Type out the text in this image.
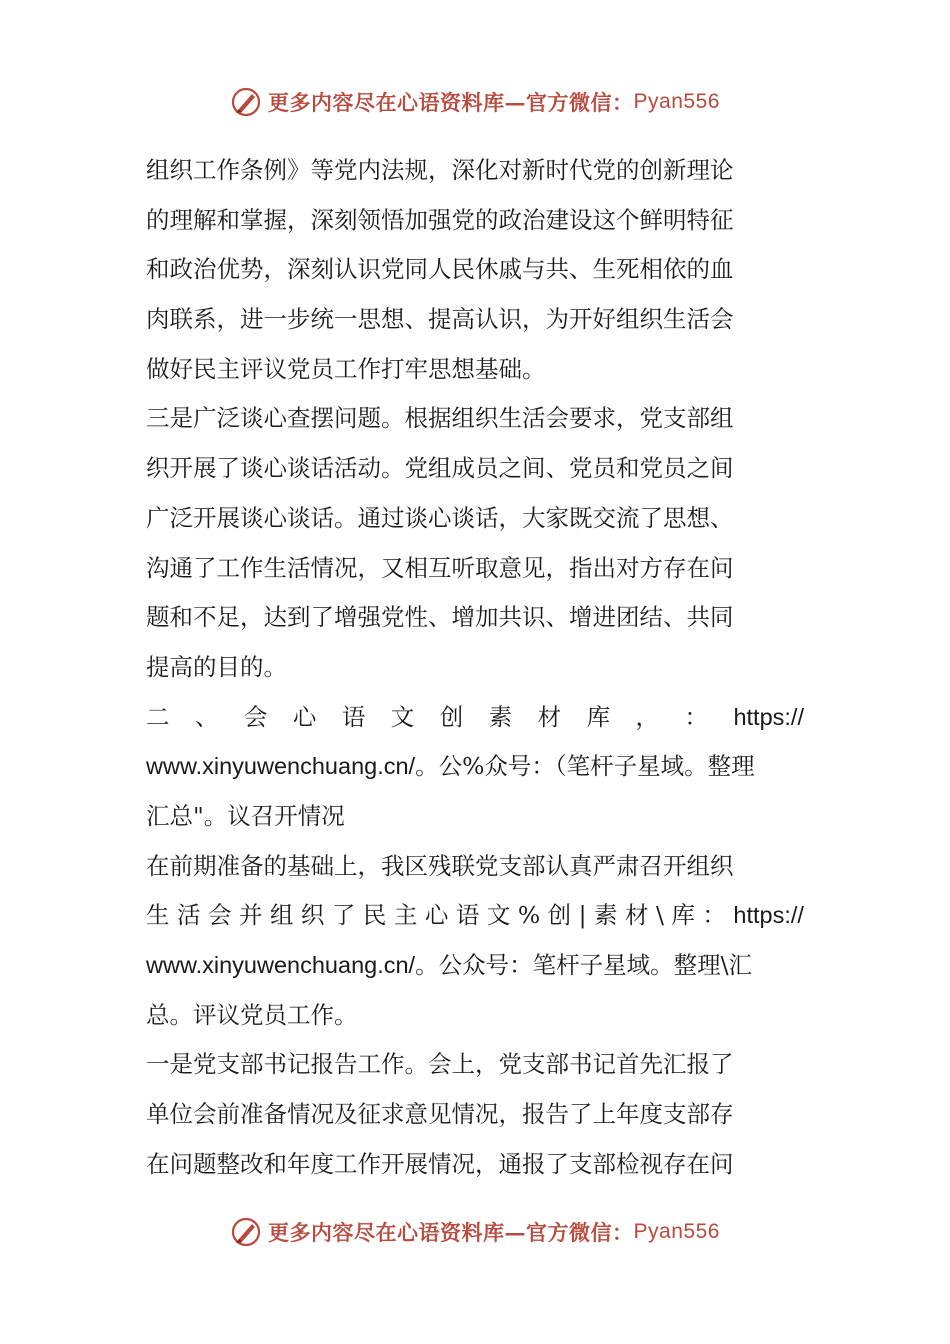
更多内容尽在心语资料库 — 官方微信： Pyan556
组织工作条例》等党内法规，深化对新时代党的创新理论
的理解和掌握，深刻领悟加强党的政治建设这个鲜明特征
和政治优势，深刻认识党同人民休戚与共、生死相依的血
肉联系，进一步统一思想、提高认识，为开好组织生活会
做好民主评议党员工作打牢思想基础。
三是广泛谈心查摆问题。根据组织生活会要求，党支部组
织开展了谈心谈话活动。党组成员之间、党员和党员之间
广泛开展谈心谈话。通过谈心谈话，大家既交流了思想、
沟通了工作生活情况，又相互听取意见，指出对方存在问
题和不足，达到了增强党性、增加共识、增进团结、共同
提高的目的。
二 、 会 心 语 文 创 素 材 库 ， ： https://
www.xinyuwenchuang.cn/。公%众号：（笔杆子星域。整理
汇总"。议召开情况
在前期准备的基础上，我区残联党支部认真严肃召开组织
生 活 会 并 组 织 了 民 主 心 语 文 % 创 | 素 材 \ 库 ： https://
www.xinyuwenchuang.cn/。公众号：笔杆子星域。整理\汇
总。评议党员工作。
一是党支部书记报告工作。会上，党支部书记首先汇报了
单位会前准备情况及征求意见情况，报告了上年度支部存
在问题整改和年度工作开展情况，通报了支部检视存在问
更多内容尽在心语资料库 — 官方微信： Pyan556
